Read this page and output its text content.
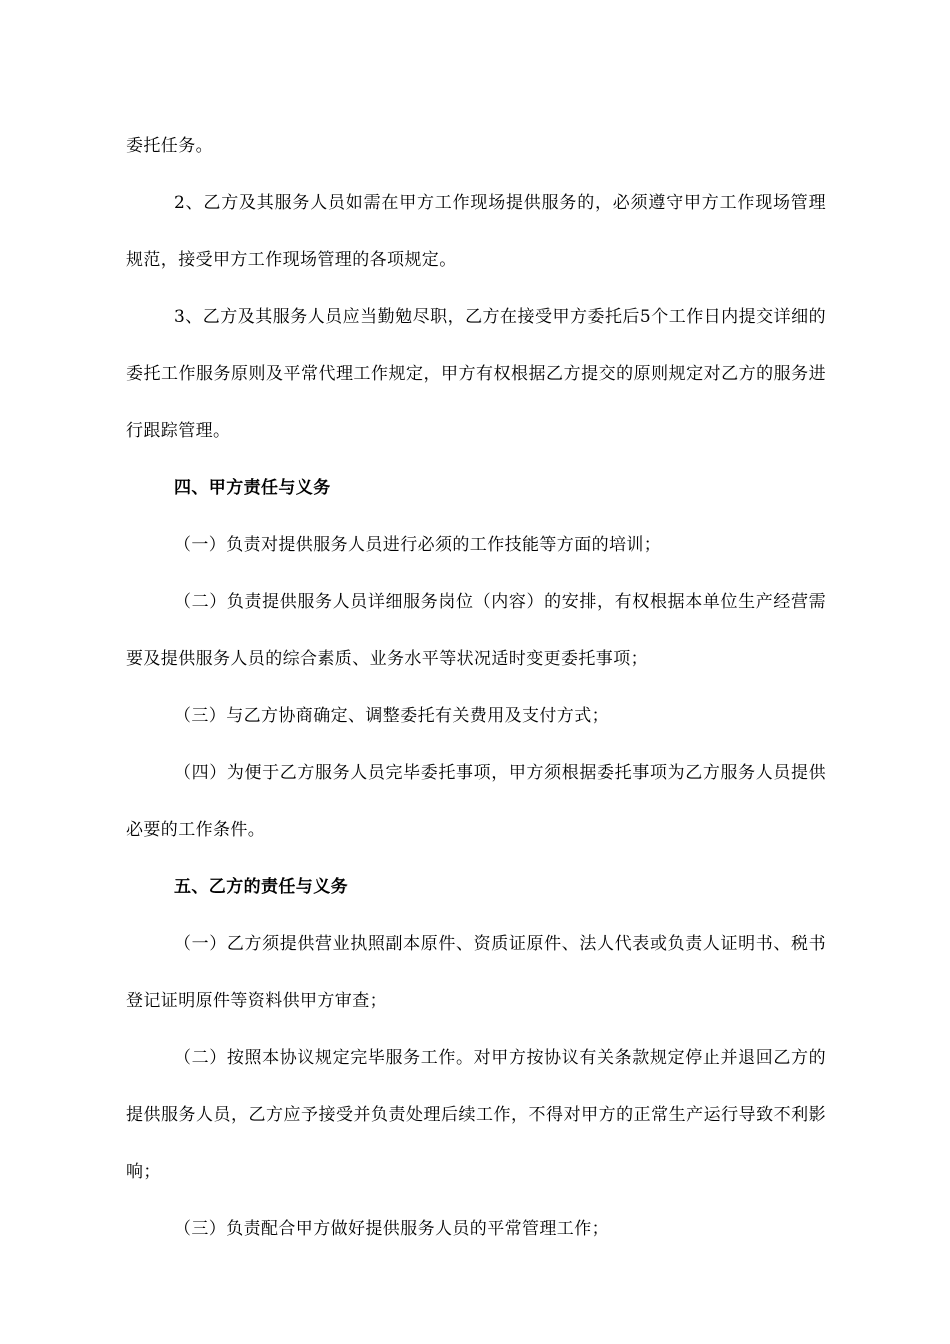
委托任务。

2、乙方及其服务人员如需在甲方工作现场提供服务的，必须遵守甲方工作现场管理规范，接受甲方工作现场管理的各项规定。

3、乙方及其服务人员应当勤勉尽职，乙方在接受甲方委托后5个工作日内提交详细的委托工作服务原则及平常代理工作规定，甲方有权根据乙方提交的原则规定对乙方的服务进行跟踪管理。

四、甲方责任与义务

（一）负责对提供服务人员进行必须的工作技能等方面的培训；

（二）负责提供服务人员详细服务岗位（内容）的安排，有权根据本单位生产经营需要及提供服务人员的综合素质、业务水平等状况适时变更委托事项；

（三）与乙方协商确定、调整委托有关费用及支付方式；

（四）为便于乙方服务人员完毕委托事项，甲方须根据委托事项为乙方服务人员提供必要的工作条件。

五、乙方的责任与义务

（一）乙方须提供营业执照副本原件、资质证原件、法人代表或负责人证明书、税书登记证明原件等资料供甲方审查；

（二）按照本协议规定完毕服务工作。对甲方按协议有关条款规定停止并退回乙方的提供服务人员，乙方应予接受并负责处理后续工作，不得对甲方的正常生产运行导致不利影响；

（三）负责配合甲方做好提供服务人员的平常管理工作；
